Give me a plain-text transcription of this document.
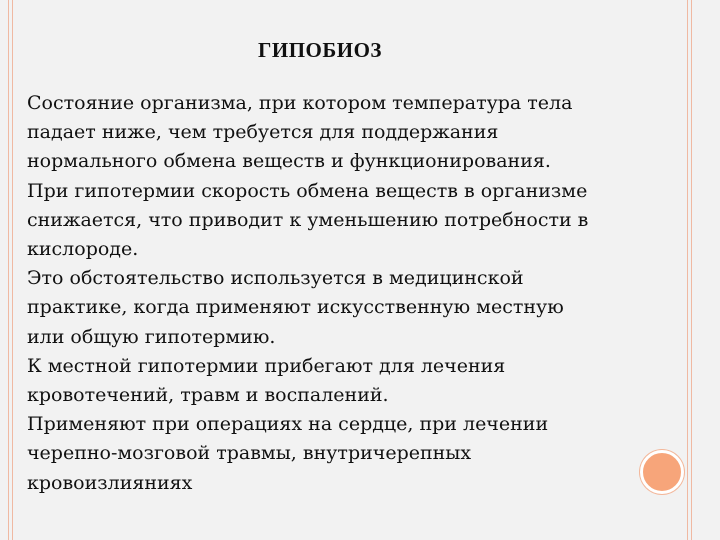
ГИПОБИОЗ
Состояние организма, при котором температура тела
падает ниже, чем требуется для поддержания
нормального обмена веществ и функционирования.
При гипотермии скорость обмена веществ в организме
снижается, что приводит к уменьшению потребности в
кислороде.
Это обстоятельство используется в медицинской
практике, когда применяют искусственную местную
или общую гипотермию.
К местной гипотермии прибегают для лечения
кровотечений, травм и воспалений.
Применяют при операциях на сердце, при лечении
черепно-мозговой травмы, внутричерепных
кровоизлияниях
